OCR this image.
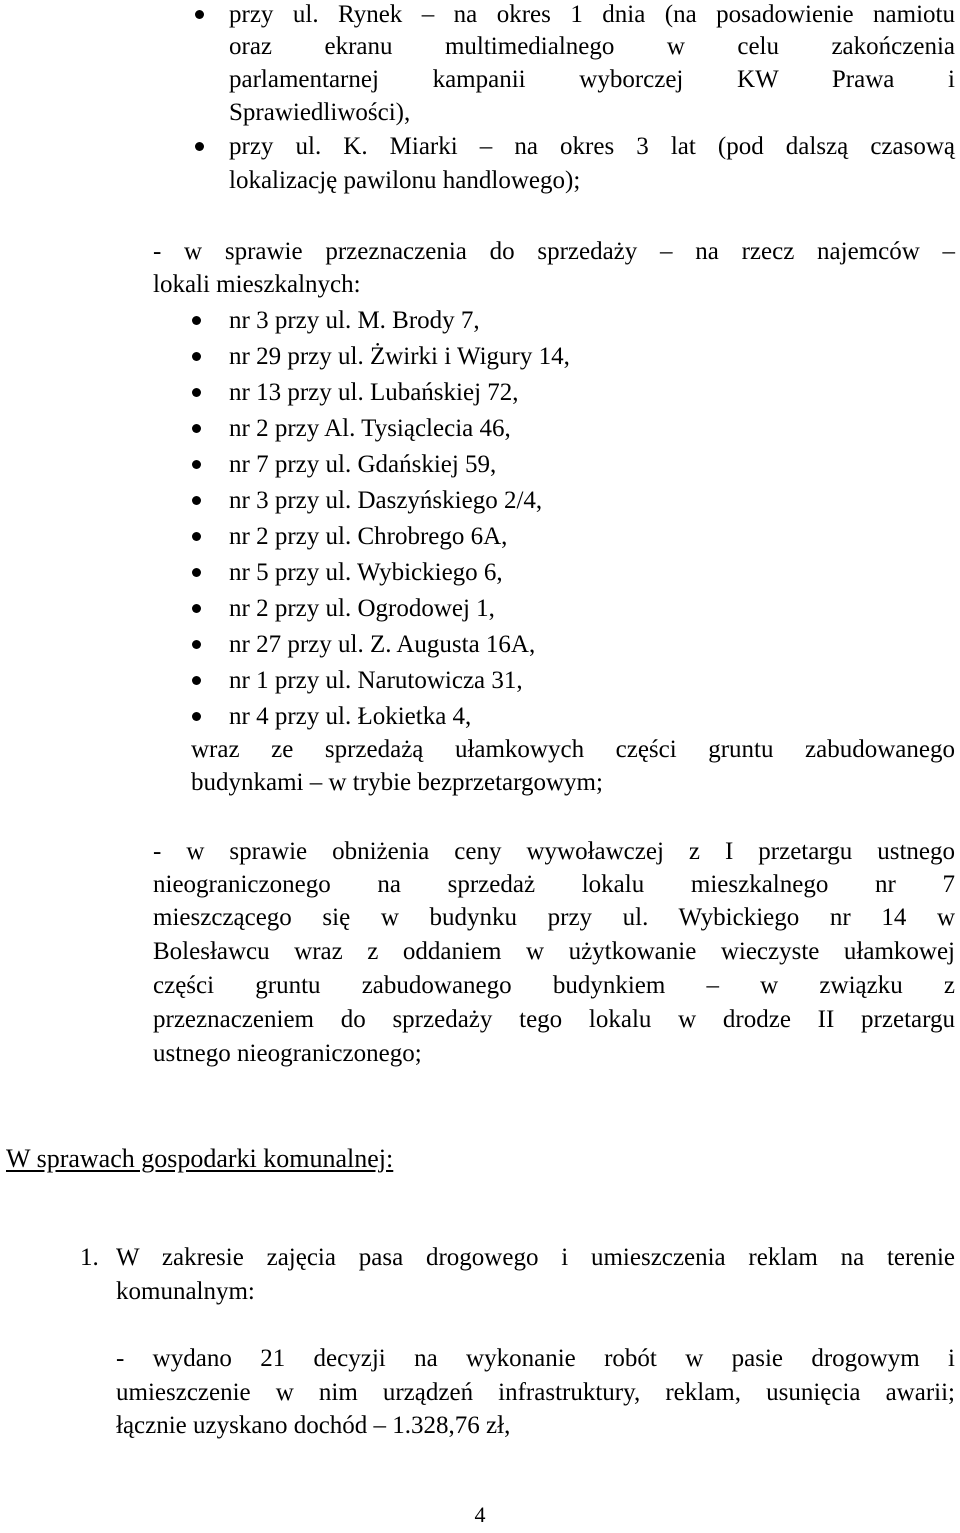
przy ul. Rynek – na okres 1 dnia (na posadowienie namiotu
oraz ekranu multimedialnego w celu zakończenia
parlamentarnej kampanii wyborczej KW Prawa i
Sprawiedliwości),
przy ul. K. Miarki – na okres 3 lat (pod dalszą czasową
lokalizację pawilonu handlowego);
- w sprawie przeznaczenia do sprzedaży – na rzecz najemców –
lokali mieszkalnych:
nr 3 przy ul. M. Brody 7,
nr 29 przy ul. Żwirki i Wigury 14,
nr 13 przy ul. Lubańskiej 72,
nr 2 przy Al. Tysiąclecia 46,
nr 7 przy ul. Gdańskiej 59,
nr 3 przy ul. Daszyńskiego 2/4,
nr 2 przy ul. Chrobrego 6A,
nr 5 przy ul. Wybickiego 6,
nr 2 przy ul. Ogrodowej 1,
nr 27 przy ul. Z. Augusta 16A,
nr 1 przy ul. Narutowicza 31,
nr 4 przy ul. Łokietka 4,
wraz ze sprzedażą ułamkowych części gruntu zabudowanego
budynkami – w trybie bezprzetargowym;
- w sprawie obniżenia ceny wywoławczej z I przetargu ustnego
nieograniczonego na sprzedaż lokalu mieszkalnego nr 7
mieszczącego się w budynku przy ul. Wybickiego nr 14 w
Bolesławcu wraz z oddaniem w użytkowanie wieczyste ułamkowej
części gruntu zabudowanego budynkiem – w związku z
przeznaczeniem do sprzedaży tego lokalu w drodze II przetargu
ustnego nieograniczonego;
W sprawach gospodarki komunalnej:
1. W zakresie zajęcia pasa drogowego i umieszczenia reklam na terenie
komunalnym:
- wydano 21 decyzji na wykonanie robót w pasie drogowym i
umieszczenie w nim urządzeń infrastruktury, reklam, usunięcia awarii;
łącznie uzyskano dochód – 1.328,76 zł,
4
